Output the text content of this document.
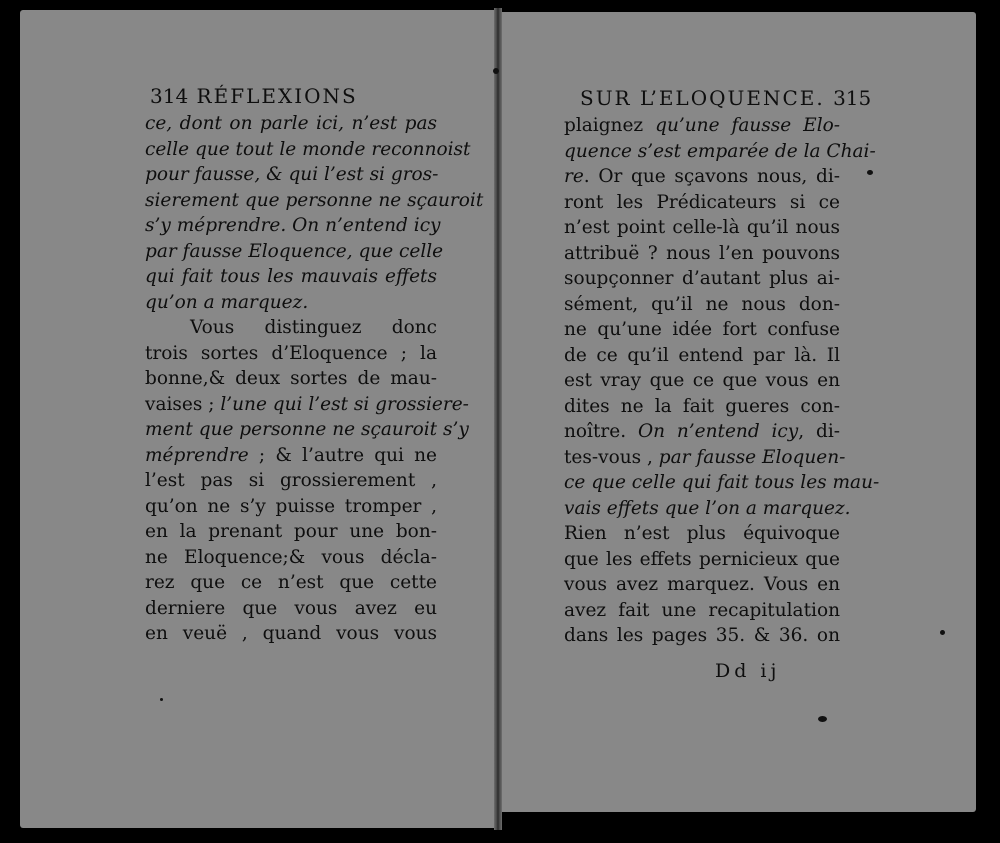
314 RÉFLEXIONS
ce, dont on parle ici, n’est pas
celle que tout le monde reconnoist
pour fausse, & qui l’est si gros-
sierement que personne ne sçauroit
s’y méprendre. On n’entend icy
par fausse Eloquence, que celle
qui fait tous les mauvais effets
qu’on a marquez.
Vous distinguez donc
trois sortes d’Eloquence ; la
bonne,& deux sortes de mau-
vaises ; l’une qui l’est si grossiere-
ment que personne ne sçauroit s’y
méprendre ; & l’autre qui ne
l’est pas si grossierement ,
qu’on ne s’y puisse tromper ,
en la prenant pour une bon-
ne Eloquence;& vous décla-
rez que ce n’est que cette
derniere que vous avez eu
en veuë , quand vous vous
SUR L’ELOQUENCE. 315
plaignez qu’une fausse Elo-
quence s’est emparée de la Chai-
re. Or que sçavons nous, di-
ront les Prédicateurs si ce
n’est point celle-là qu’il nous
attribuë ? nous l’en pouvons
soupçonner d’autant plus ai-
sément, qu’il ne nous don-
ne qu’une idée fort confuse
de ce qu’il entend par là. Il
est vray que ce que vous en
dites ne la fait gueres con-
noître. On n’entend icy, di-
tes-vous , par fausse Eloquen-
ce que celle qui fait tous les mau-
vais effets que l’on a marquez.
Rien n’est plus équivoque
que les effets pernicieux que
vous avez marquez. Vous en
avez fait une recapitulation
dans les pages 35. & 36. on
Dd ij
